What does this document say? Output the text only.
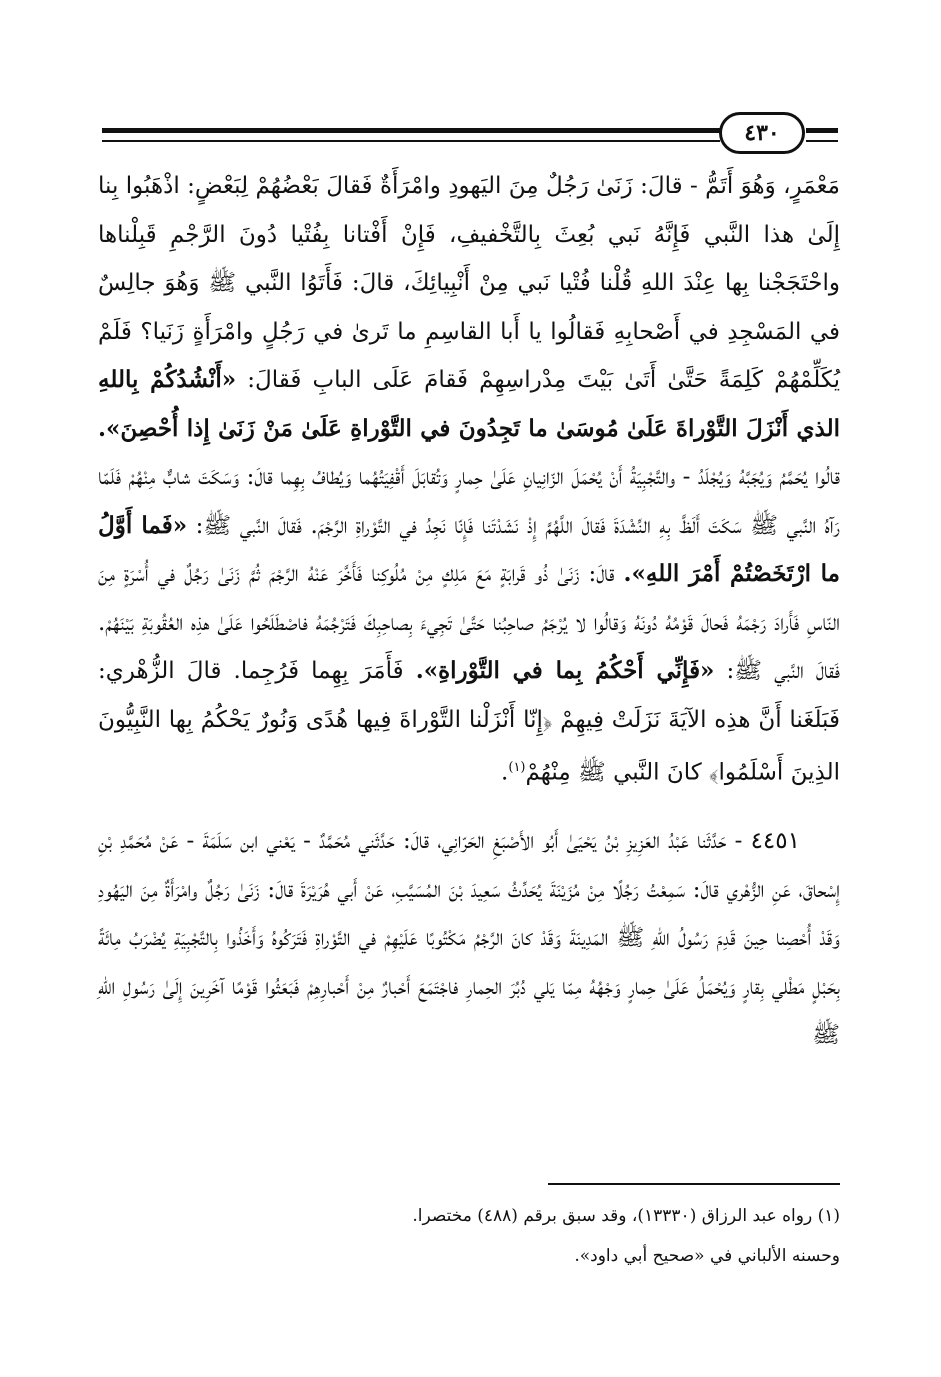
٤٣٠

مَعْمَرٍ، وَهُوَ أَتَمُّ - قالَ: زَنَىٰ رَجُلٌ مِنَ اليَهودِ وامْرَأَةٌ فَقالَ بَعْضُهُمْ لِبَعْضٍ: اذْهَبُوا بِنا إِلَىٰ هذا النَّبي فَإِنَّهُ نَبي بُعِثَ بِالتَّخْفيفِ، فَإِنْ أَفْتانا بِفُتْيا دُونَ الرَّجْمِ قَبِلْناها واحْتَجَجْنا بِها عِنْدَ اللهِ قُلْنا فُتْيا نَبي مِنْ أَنْبِيائِكَ، قالَ: فَأَتَوُا النَّبي ﷺ وَهُوَ جالِسٌ في المَسْجِدِ في أَصْحابِهِ فَقالُوا يا أَبا القاسِمِ ما تَرىٰ في رَجُلٍ وامْرَأَةٍ زَنَيا؟ فَلَمْ يُكَلِّمْهُمْ كَلِمَةً حَتَّىٰ أَتَىٰ بَيْتَ مِدْراسِهِمْ فَقامَ عَلَى البابِ فَقالَ: «أَنْشُدُكُمْ بِاللهِ الذي أَنْزَلَ التَّوْراةَ عَلَىٰ مُوسَىٰ ما تَجِدُونَ في التَّوْراةِ عَلَىٰ مَنْ زَنَىٰ إِذا أُحْصِنَ». قالُوا يُحَمَّمُ وَيُجَبَّهُ وَيُجْلَدُ - والتَّجْبِيَةُ أَنْ يُحْمَلَ الزّانِيانِ عَلَىٰ حِمارٍ وَتُقابَلَ أَقْفِيَتُهُما وَيُطافُ بِهِما قالَ: وَسَكَتَ شابٌّ مِنْهُمْ فَلَمّا رَآهُ النَّبي ﷺ سَكَتَ أَلَظَّ بِهِ النِّشْدَةَ فَقالَ اللَّهُمَّ إِذْ نَشَدْتَنا فَإِنّا نَجِدُ في التَّوْراةِ الرَّجْمَ. فَقالَ النَّبي ﷺ: «فَما أَوَّلُ ما ارْتَخَصْتُمْ أَمْرَ اللهِ». قالَ: زَنَىٰ ذُو قَرابَةٍ مَعَ مَلِكٍ مِنْ مُلُوكِنا فَأَخَّرَ عَنْهُ الرَّجْمَ ثُمَّ زَنَىٰ رَجُلٌ في أُسْرَةٍ مِنَ النّاسِ فَأَرادَ رَجْمَهُ فَحالَ قَوْمُهُ دُونَهُ وَقالُوا لا يُرْجَمُ صاحِبُنا حَتَّىٰ تَجِيءَ بِصاحِبِكَ فَتَرْجُمَهُ فاصْطَلَحُوا عَلَىٰ هذِه العُقُوبَةِ بَيْنَهُمْ. فَقالَ النَّبي ﷺ: «فَإِنِّي أَحْكُمُ بِما في التَّوْراةِ». فَأَمَرَ بِهِما فَرُجِما. قالَ الزُّهْري: فَبَلَغَنا أَنَّ هذِه الآيَةَ نَزَلَتْ فِيهِمْ ﴿إِنّا أَنْزَلْنا التَّوْراةَ فِيها هُدًى وَنُورٌ يَحْكُمُ بِها النَّبِيُّونَ الذِينَ أَسْلَمُوا﴾ كانَ النَّبي ﷺ مِنْهُمْ$^{(١)}$.

٤٤٥١ - حَدَّثَنا عَبْدُ العَزِيزِ بْنُ يَحْيَىٰ أَبُو الأَصْبَغِ الحَرّانِي، قالَ: حَدَّثَني مُحَمَّدٌ - يَعْني ابن سَلَمَةَ - عَنْ مُحَمَّدِ بْنِ إِسْحاقَ، عَنِ الزُّهْري قالَ: سَمِعْتُ رَجُلًا مِنْ مُزَيْنَةَ يُحَدِّثُ سَعِيدَ بْنَ المُسَيَّبِ، عَنْ أَبي هُرَيْرَةَ قالَ: زَنَىٰ رَجُلٌ وامْرَأَةٌ مِنَ اليَهُودِ وَقَدْ أُحْصِنا حِينَ قَدِمَ رَسُولُ اللهِ ﷺ المَدِينَةَ وَقَدْ كانَ الرَّجْمُ مَكْتُوبًا عَلَيْهِمْ في التَّوْراةِ فَتَرَكُوهُ وَأَخَذُوا بِالتَّجْبِيَةِ يُضْرَبُ مِائَةً بِحَبْلٍ مَطْلي بِقارٍ وَيُحْمَلُ عَلَىٰ حِمارٍ وَجْهُهُ مِمّا يَلي دُبُرَ الحِمارِ فاجْتَمَعَ أَحْبارٌ مِنْ أَحْبارِهِمْ فَبَعَثُوا قَوْمًا آخَرِينَ إِلَىٰ رَسُولِ اللهِ ﷺ

(١) رواه عبد الرزاق (١٣٣٣٠)، وقد سبق برقم (٤٨٨) مختصرا.

وحسنه الألباني في «صحيح أبي داود».
